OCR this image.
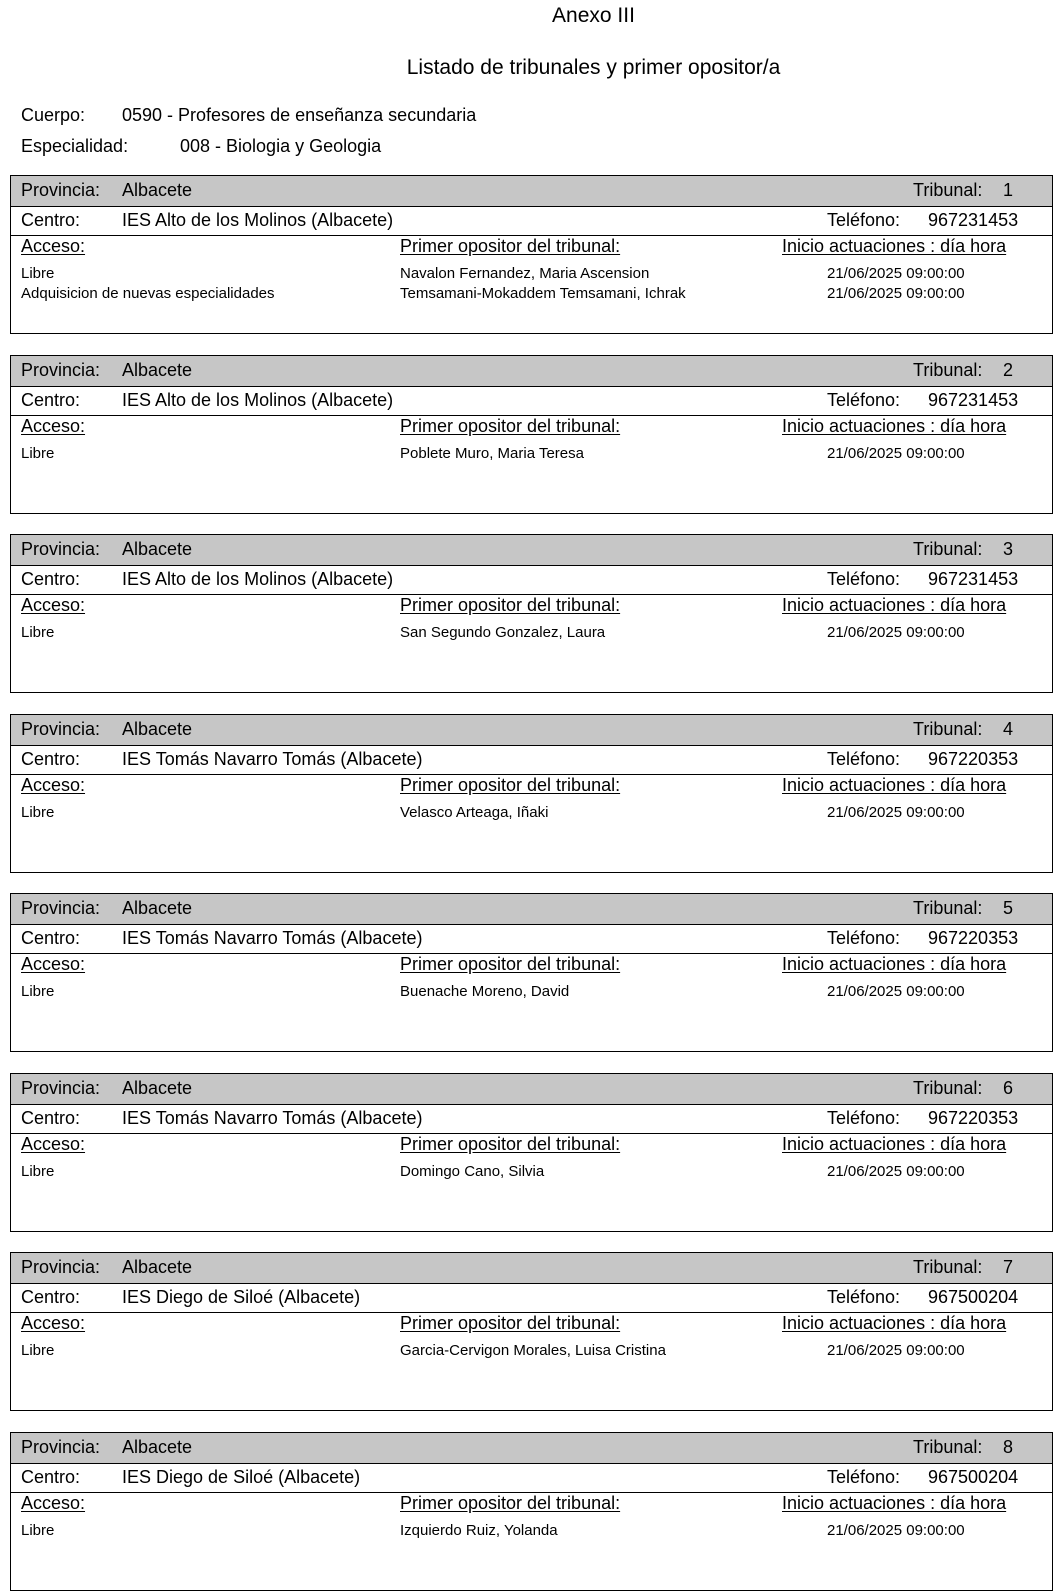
Anexo III
Listado de tribunales y primer opositor/a
Cuerpo: 0590 - Profesores de enseñanza secundaria
Especialidad:	008 - Biologia y Geologia
Provincia: Albacete	Tribunal: 1
Centro: IES Alto de los Molinos (Albacete)	Teléfono: 967231453
Acceso:	Primer opositor del tribunal:	Inicio actuaciones : día hora
Libre	Navalon Fernandez, Maria Ascension	21/06/2025 09:00:00
Adquisicion de nuevas especialidades	Temsamani-Mokaddem Temsamani, Ichrak	21/06/2025 09:00:00
Provincia: Albacete	Tribunal: 2
Centro: IES Alto de los Molinos (Albacete)	Teléfono: 967231453
Acceso:	Primer opositor del tribunal:	Inicio actuaciones : día hora
Libre	Poblete Muro, Maria Teresa	21/06/2025 09:00:00
Provincia: Albacete	Tribunal: 3
Centro: IES Alto de los Molinos (Albacete)	Teléfono: 967231453
Acceso:	Primer opositor del tribunal:	Inicio actuaciones : día hora
Libre	San Segundo Gonzalez, Laura	21/06/2025 09:00:00
Provincia: Albacete	Tribunal: 4
Centro: IES Tomás Navarro Tomás (Albacete)	Teléfono: 967220353
Acceso:	Primer opositor del tribunal:	Inicio actuaciones : día hora
Libre	Velasco Arteaga, Iñaki	21/06/2025 09:00:00
Provincia: Albacete	Tribunal: 5
Centro: IES Tomás Navarro Tomás (Albacete)	Teléfono: 967220353
Acceso:	Primer opositor del tribunal:	Inicio actuaciones : día hora
Libre	Buenache Moreno, David	21/06/2025 09:00:00
Provincia: Albacete	Tribunal: 6
Centro: IES Tomás Navarro Tomás (Albacete)	Teléfono: 967220353
Acceso:	Primer opositor del tribunal:	Inicio actuaciones : día hora
Libre	Domingo Cano, Silvia	21/06/2025 09:00:00
Provincia: Albacete	Tribunal: 7
Centro: IES Diego de Siloé (Albacete)	Teléfono: 967500204
Acceso:	Primer opositor del tribunal:	Inicio actuaciones : día hora
Libre	Garcia-Cervigon Morales, Luisa Cristina	21/06/2025 09:00:00
Provincia: Albacete	Tribunal: 8
Centro: IES Diego de Siloé (Albacete)	Teléfono: 967500204
Acceso:	Primer opositor del tribunal:	Inicio actuaciones : día hora
Libre	Izquierdo Ruiz, Yolanda	21/06/2025 09:00:00
